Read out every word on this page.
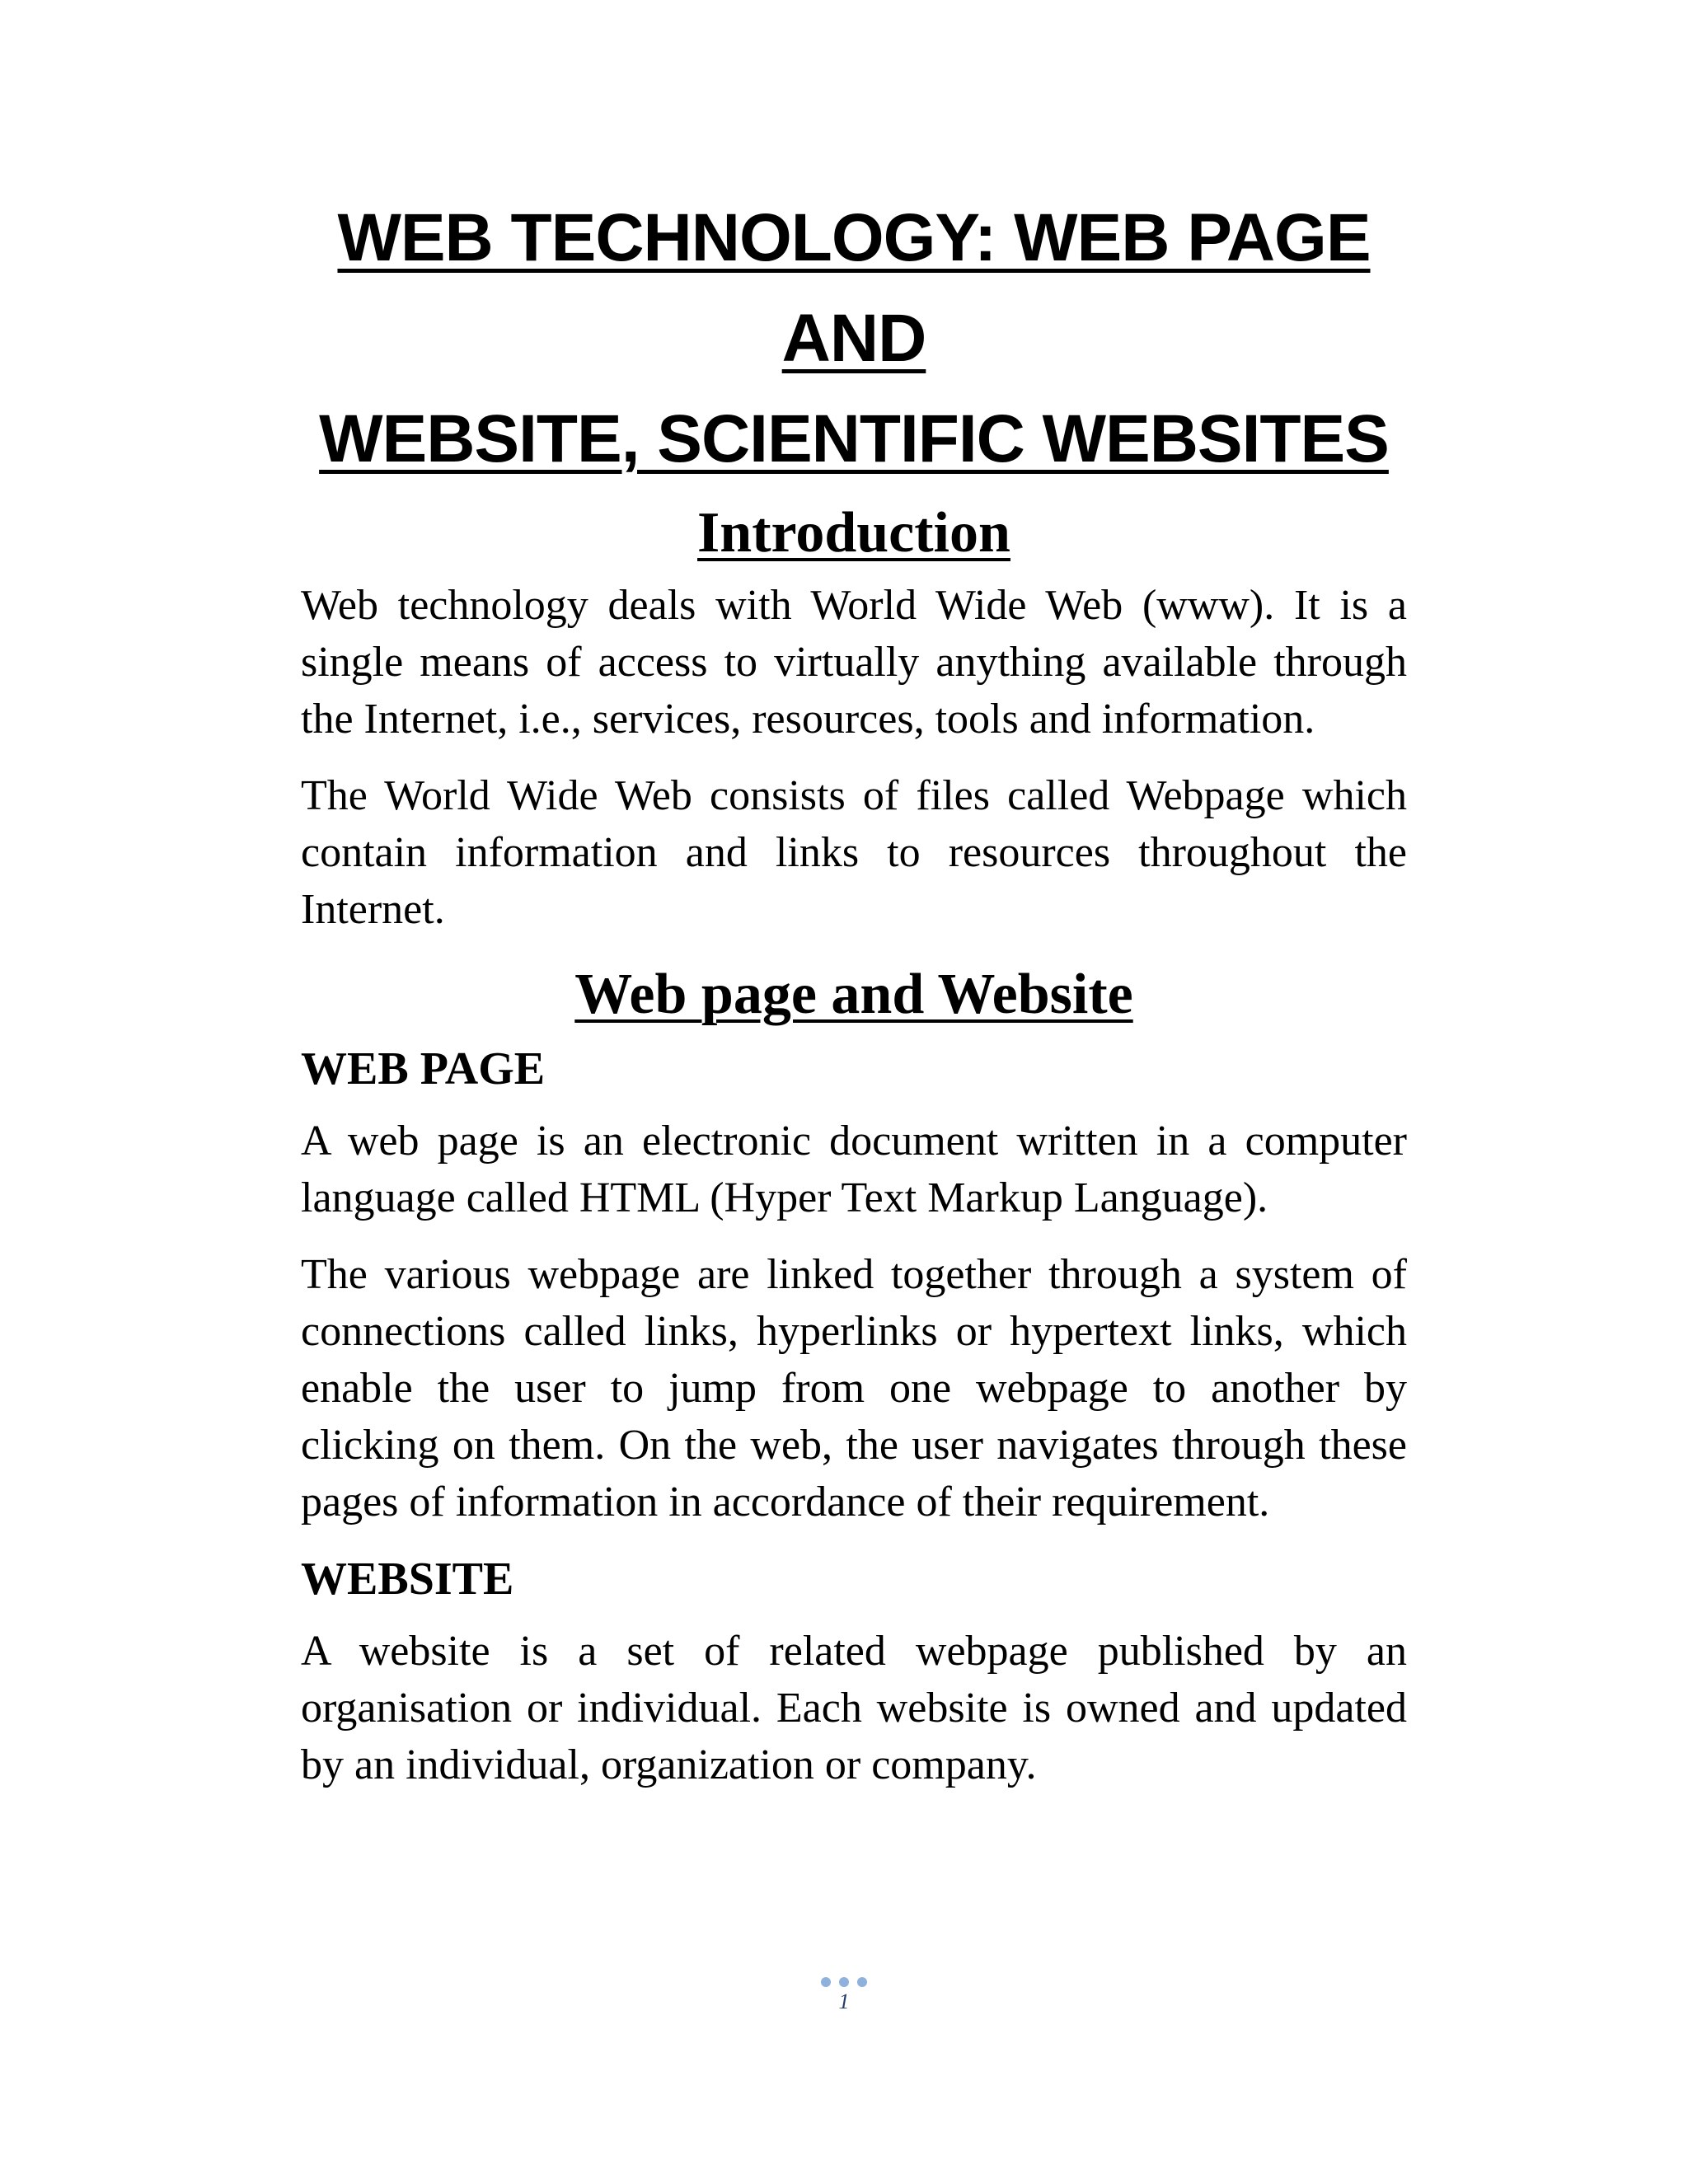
WEB TECHNOLOGY: WEB PAGE AND
WEBSITE, SCIENTIFIC WEBSITES
Introduction

Web technology deals with World Wide Web (www). It is a single means of access to virtually anything available through the Internet, i.e., services, resources, tools and information.

The World Wide Web consists of files called Webpage which contain information and links to resources throughout the Internet.

Web page and Website
WEB PAGE

A web page is an electronic document written in a computer language called HTML (Hyper Text Markup Language).

The various webpage are linked together through a system of connections called links, hyperlinks or hypertext links, which enable the user to jump from one webpage to another by clicking on them. On the web, the user navigates through these pages of information in accordance of their requirement.

WEBSITE

A website is a set of related webpage published by an organisation or individual. Each website is owned and updated by an individual, organization or company.

1
